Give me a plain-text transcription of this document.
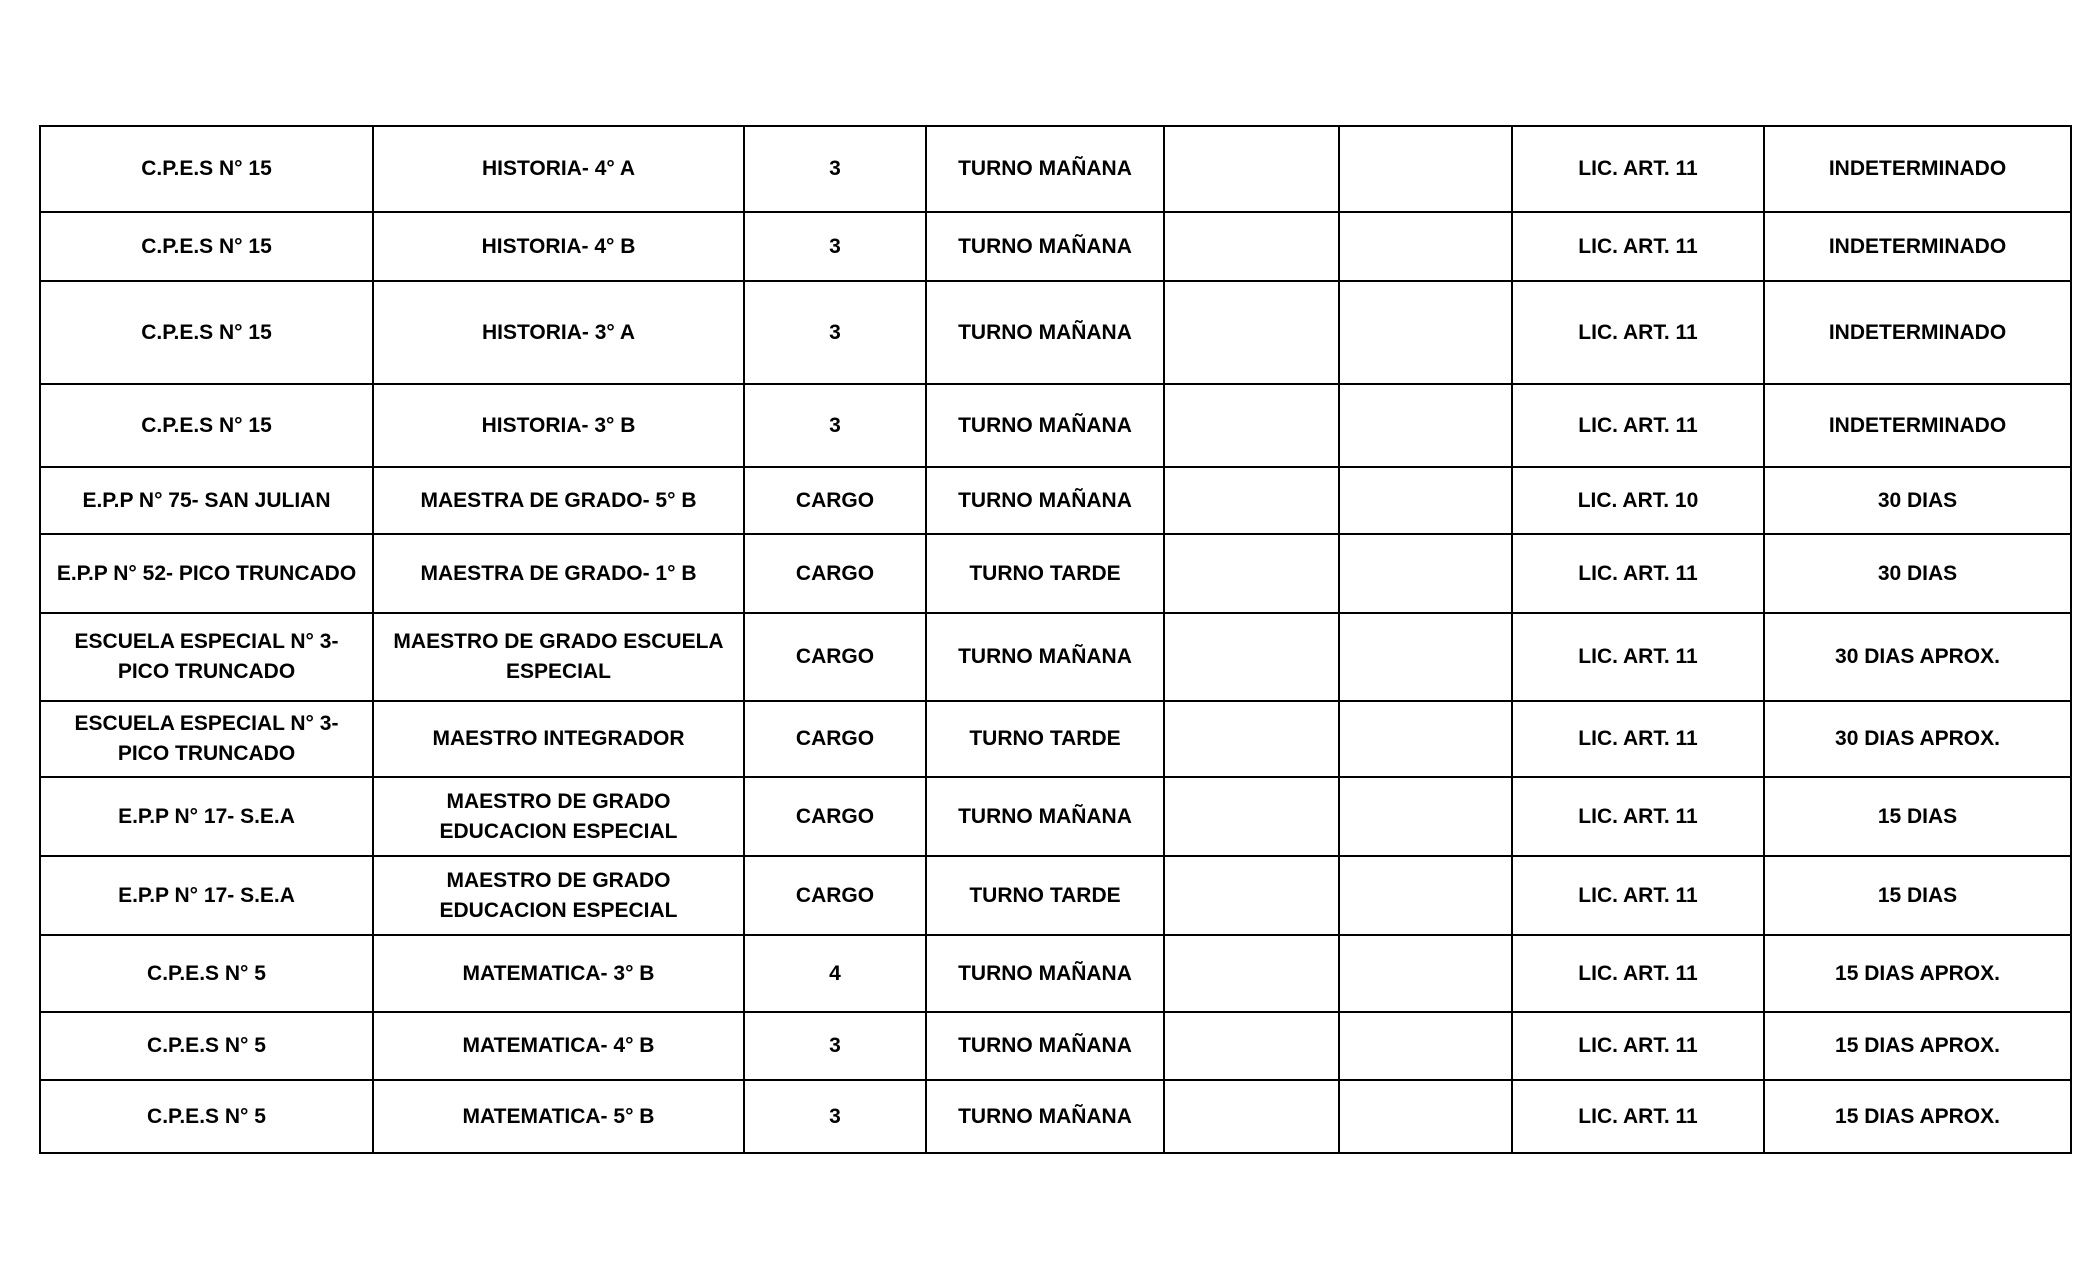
C.P.E.S N° 15	HISTORIA- 4° A	3	TURNO MAÑANA			LIC. ART. 11	INDETERMINADO
C.P.E.S N° 15	HISTORIA- 4° B	3	TURNO MAÑANA			LIC. ART. 11	INDETERMINADO
C.P.E.S N° 15	HISTORIA- 3° A	3	TURNO MAÑANA			LIC. ART. 11	INDETERMINADO
C.P.E.S N° 15	HISTORIA- 3° B	3	TURNO MAÑANA			LIC. ART. 11	INDETERMINADO
E.P.P N° 75- SAN JULIAN	MAESTRA DE GRADO- 5° B	CARGO	TURNO MAÑANA			LIC. ART. 10	30 DIAS
E.P.P N° 52- PICO TRUNCADO	MAESTRA DE GRADO- 1° B	CARGO	TURNO TARDE			LIC. ART. 11	30 DIAS
ESCUELA ESPECIAL N° 3- PICO TRUNCADO	MAESTRO DE GRADO ESCUELA ESPECIAL	CARGO	TURNO MAÑANA			LIC. ART. 11	30 DIAS APROX.
ESCUELA ESPECIAL N° 3- PICO TRUNCADO	MAESTRO INTEGRADOR	CARGO	TURNO TARDE			LIC. ART. 11	30 DIAS APROX.
E.P.P N° 17- S.E.A	MAESTRO DE GRADO EDUCACION ESPECIAL	CARGO	TURNO MAÑANA			LIC. ART. 11	15 DIAS
E.P.P N° 17- S.E.A	MAESTRO DE GRADO EDUCACION ESPECIAL	CARGO	TURNO TARDE			LIC. ART. 11	15 DIAS
C.P.E.S N° 5	MATEMATICA- 3° B	4	TURNO MAÑANA			LIC. ART. 11	15 DIAS APROX.
C.P.E.S N° 5	MATEMATICA- 4° B	3	TURNO MAÑANA			LIC. ART. 11	15 DIAS APROX.
C.P.E.S N° 5	MATEMATICA- 5° B	3	TURNO MAÑANA			LIC. ART. 11	15 DIAS APROX.
